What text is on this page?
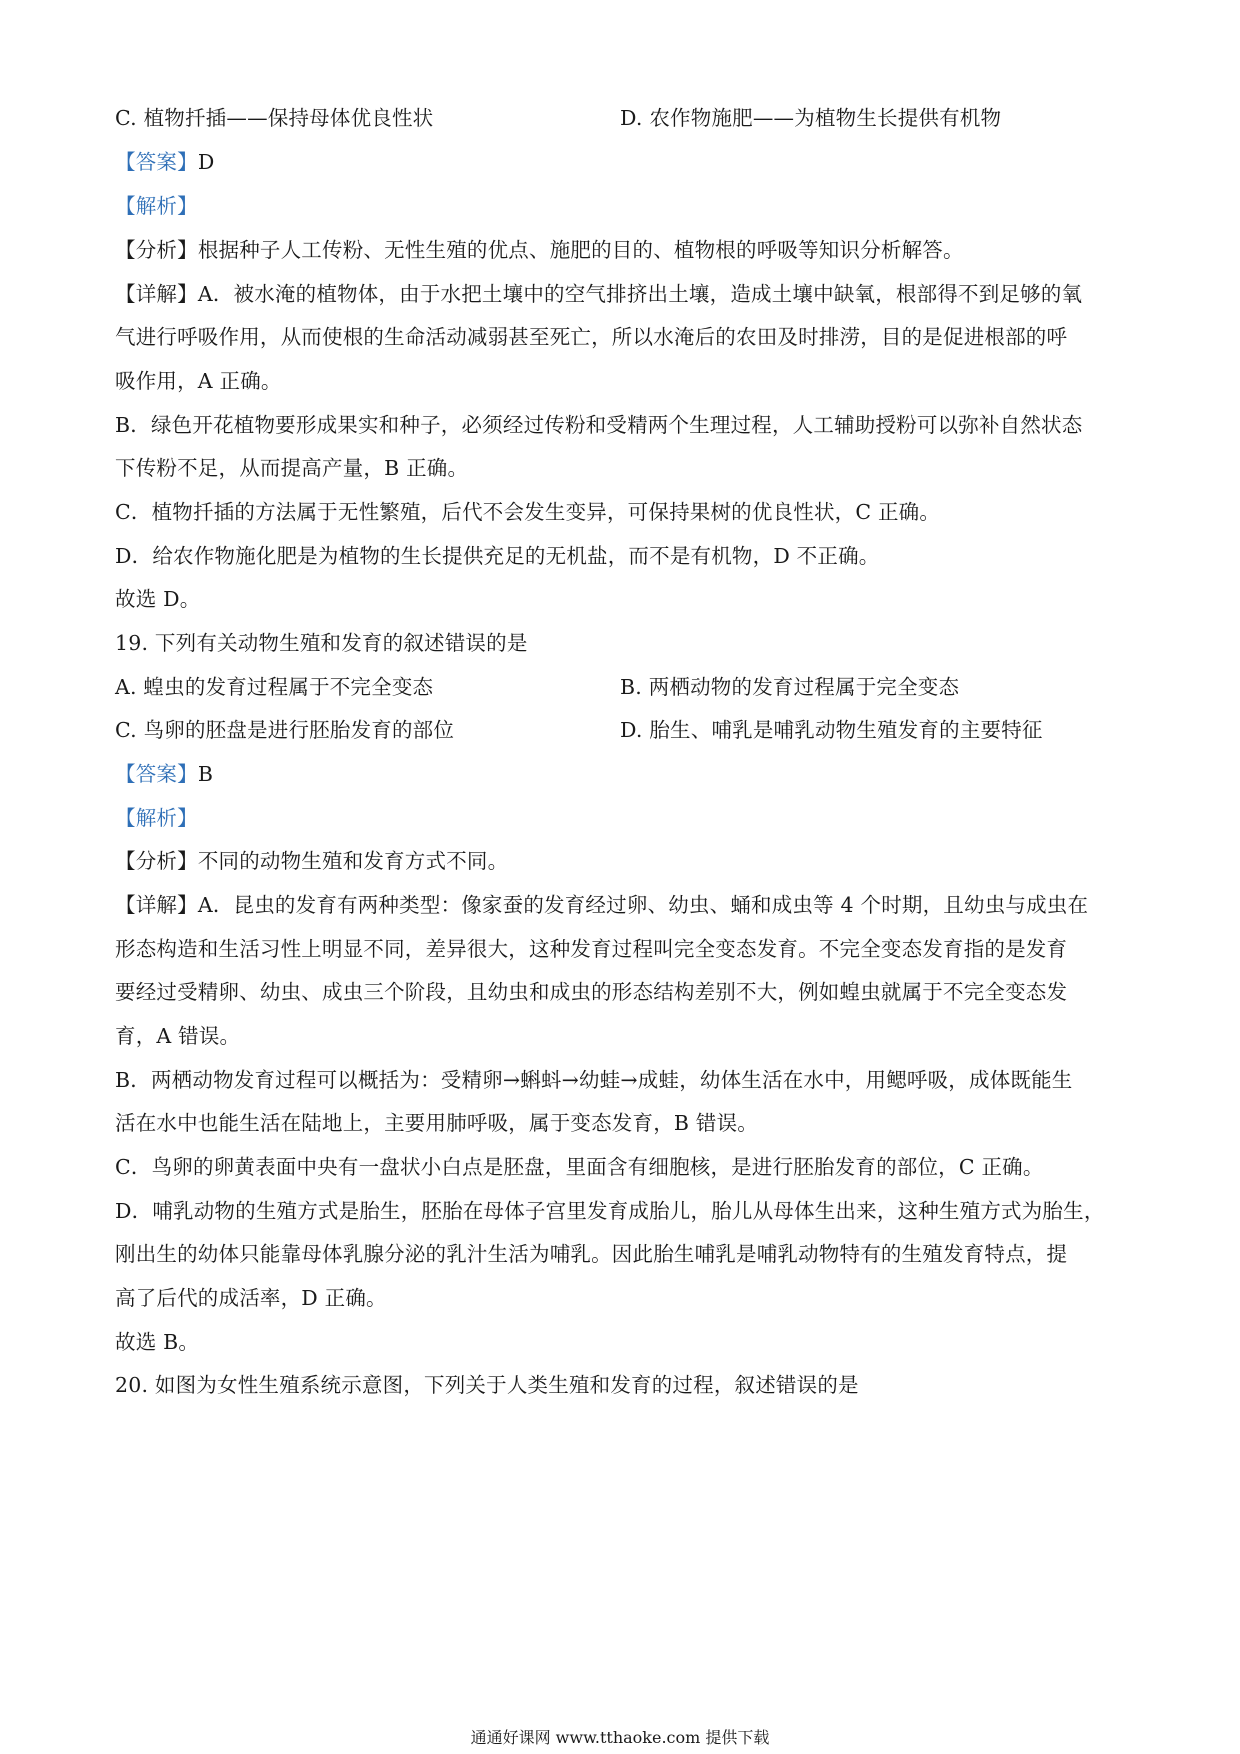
C. 植物扦插——保持母体优良性状	D. 农作物施肥——为植物生长提供有机物
【答案】D
【解析】
【分析】根据种子人工传粉、无性生殖的优点、施肥的目的、植物根的呼吸等知识分析解答。
【详解】A．被水淹的植物体，由于水把土壤中的空气排挤出土壤，造成土壤中缺氧，根部得不到足够的氧
气进行呼吸作用，从而使根的生命活动减弱甚至死亡，所以水淹后的农田及时排涝，目的是促进根部的呼
吸作用，A 正确。
B．绿色开花植物要形成果实和种子，必须经过传粉和受精两个生理过程，人工辅助授粉可以弥补自然状态
下传粉不足，从而提高产量，B 正确。
C．植物扦插的方法属于无性繁殖，后代不会发生变异，可保持果树的优良性状，C 正确。
D．给农作物施化肥是为植物的生长提供充足的无机盐，而不是有机物，D 不正确。
故选 D。
19. 下列有关动物生殖和发育的叙述错误的是
A. 蝗虫的发育过程属于不完全变态	B. 两栖动物的发育过程属于完全变态
C. 鸟卵的胚盘是进行胚胎发育的部位	D. 胎生、哺乳是哺乳动物生殖发育的主要特征
【答案】B
【解析】
【分析】不同的动物生殖和发育方式不同。
【详解】A．昆虫的发育有两种类型：像家蚕的发育经过卵、幼虫、蛹和成虫等 4 个时期，且幼虫与成虫在
形态构造和生活习性上明显不同，差异很大，这种发育过程叫完全变态发育。不完全变态发育指的是发育
要经过受精卵、幼虫、成虫三个阶段，且幼虫和成虫的形态结构差别不大，例如蝗虫就属于不完全变态发
育，A 错误。
B．两栖动物发育过程可以概括为：受精卵→蝌蚪→幼蛙→成蛙，幼体生活在水中，用鳃呼吸，成体既能生
活在水中也能生活在陆地上，主要用肺呼吸，属于变态发育，B 错误。
C．鸟卵的卵黄表面中央有一盘状小白点是胚盘，里面含有细胞核，是进行胚胎发育的部位，C 正确。
D．哺乳动物的生殖方式是胎生，胚胎在母体子宫里发育成胎儿，胎儿从母体生出来，这种生殖方式为胎生，
刚出生的幼体只能靠母体乳腺分泌的乳汁生活为哺乳。因此胎生哺乳是哺乳动物特有的生殖发育特点，提
高了后代的成活率，D 正确。
故选 B。
20. 如图为女性生殖系统示意图，下列关于人类生殖和发育的过程，叙述错误的是
通通好课网 www.tthaoke.com 提供下载
